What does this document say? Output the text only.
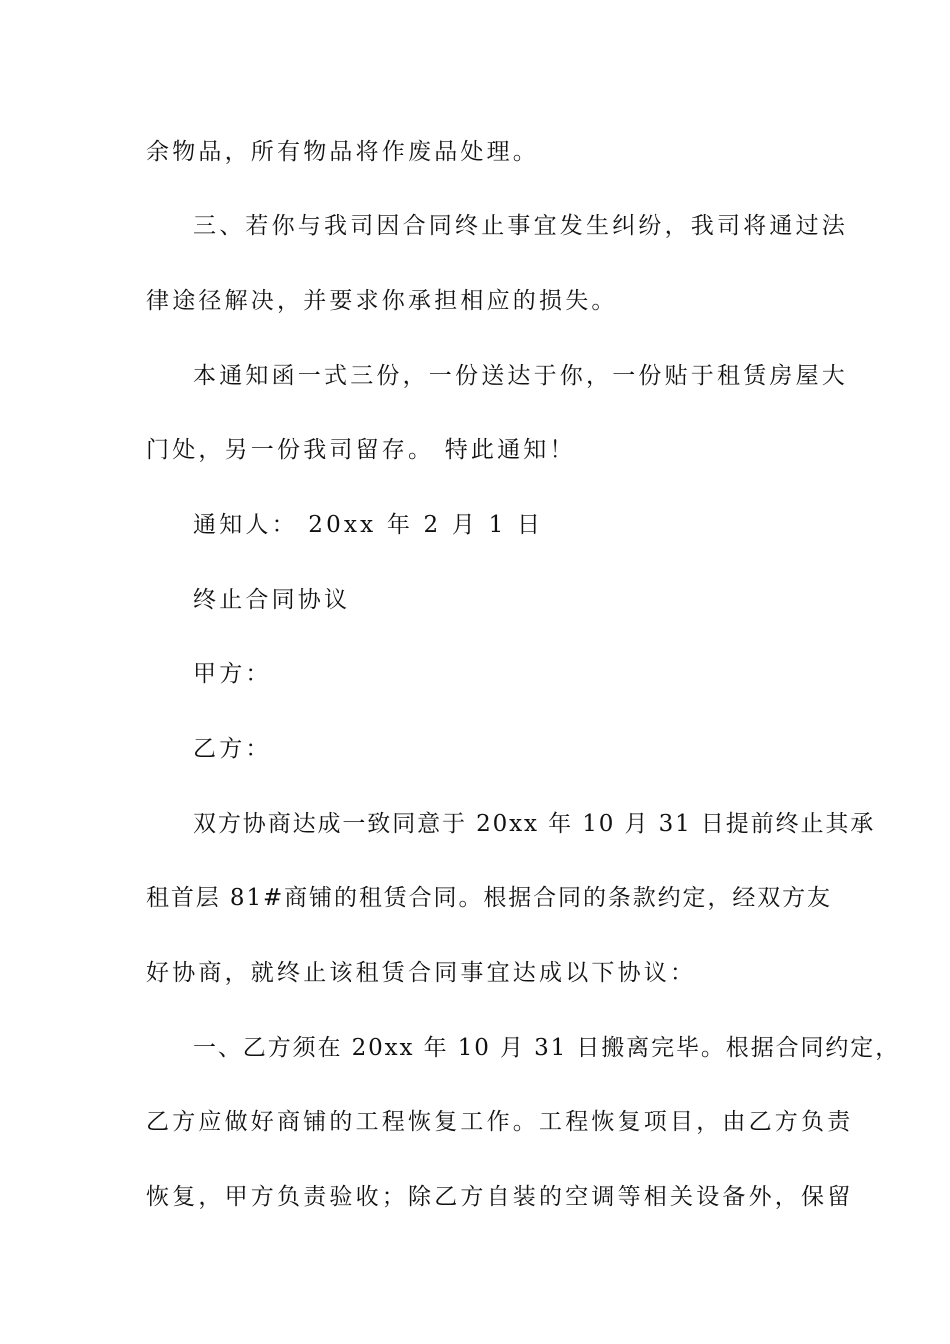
余物品，所有物品将作废品处理。
三、若你与我司因合同终止事宜发生纠纷，我司将通过法
律途径解决，并要求你承担相应的损失。
本通知函一式三份，一份送达于你，一份贴于租赁房屋大
门处，另一份我司留存。 特此通知！
通知人： 20xx 年 2 月 1 日
终止合同协议
甲方：
乙方：
双方协商达成一致同意于 20xx 年 10 月 31 日提前终止其承
租首层 81#商铺的租赁合同。根据合同的条款约定，经双方友
好协商，就终止该租赁合同事宜达成以下协议：
一、乙方须在 20xx 年 10 月 31 日搬离完毕。根据合同约定，
乙方应做好商铺的工程恢复工作。工程恢复项目，由乙方负责
恢复，甲方负责验收；除乙方自装的空调等相关设备外，保留
